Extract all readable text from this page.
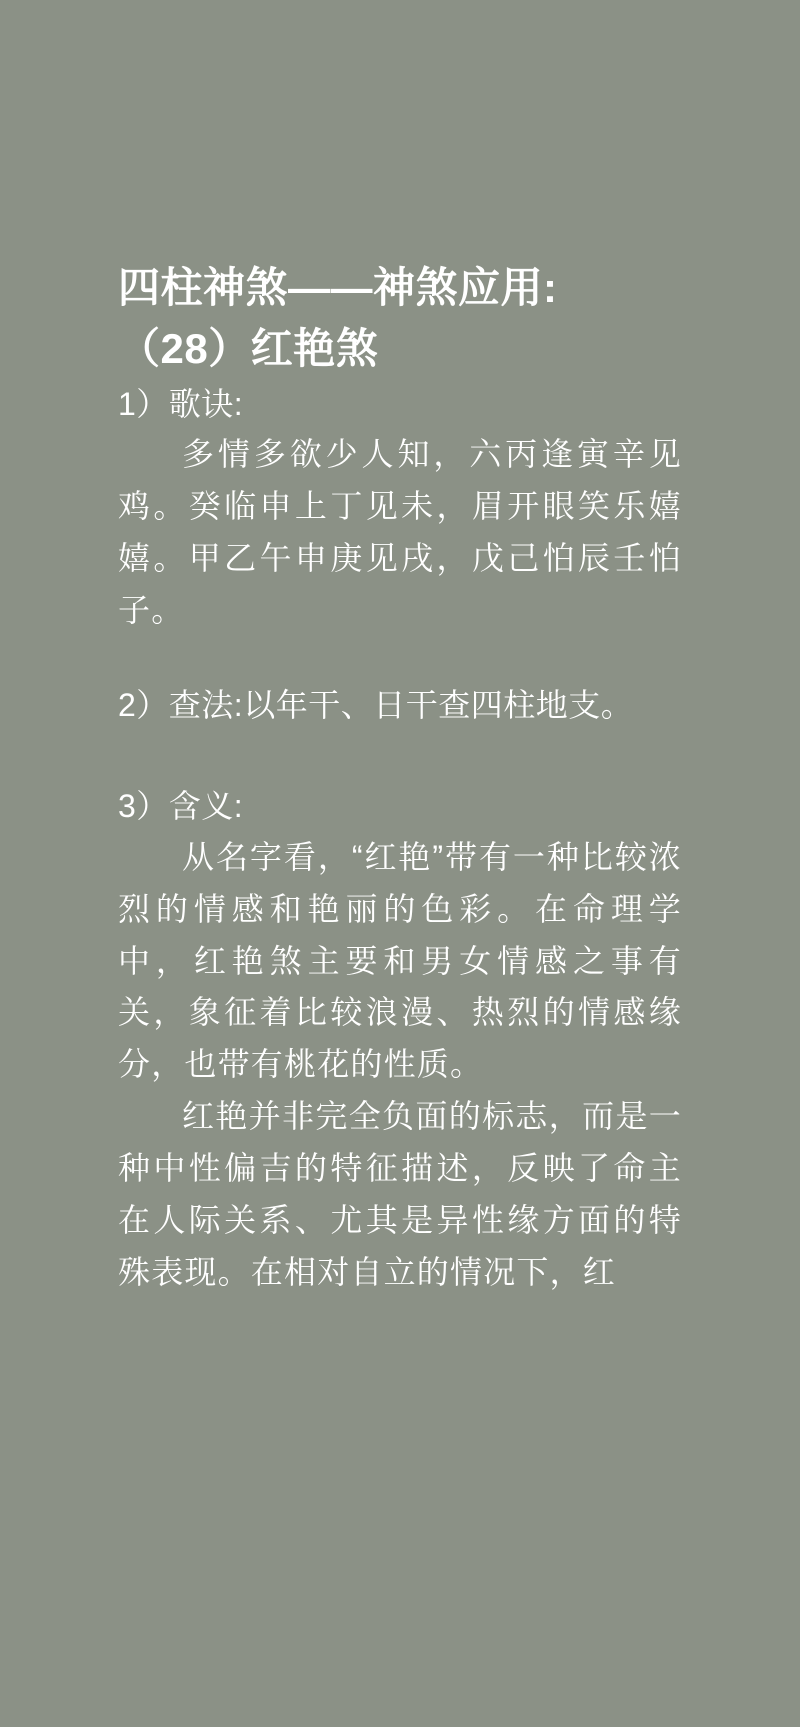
四柱神煞——神煞应用:
（28）红艳煞
1）歌诀:
多情多欲少人知，六丙逢寅辛见鸡。癸临申上丁见未，眉开眼笑乐嬉嬉。甲乙午申庚见戌，戊己怕辰壬怕子。
2）查法:以年干、日干查四柱地支。
3）含义:
从名字看，“红艳”带有一种比较浓烈的情感和艳丽的色彩。在命理学中，红艳煞主要和男女情感之事有关，象征着比较浪漫、热烈的情感缘分，也带有桃花的性质。
红艳并非完全负面的标志，而是一种中性偏吉的特征描述，反映了命主在人际关系、尤其是异性缘方面的特殊表现。在相对自立的情况下，红
